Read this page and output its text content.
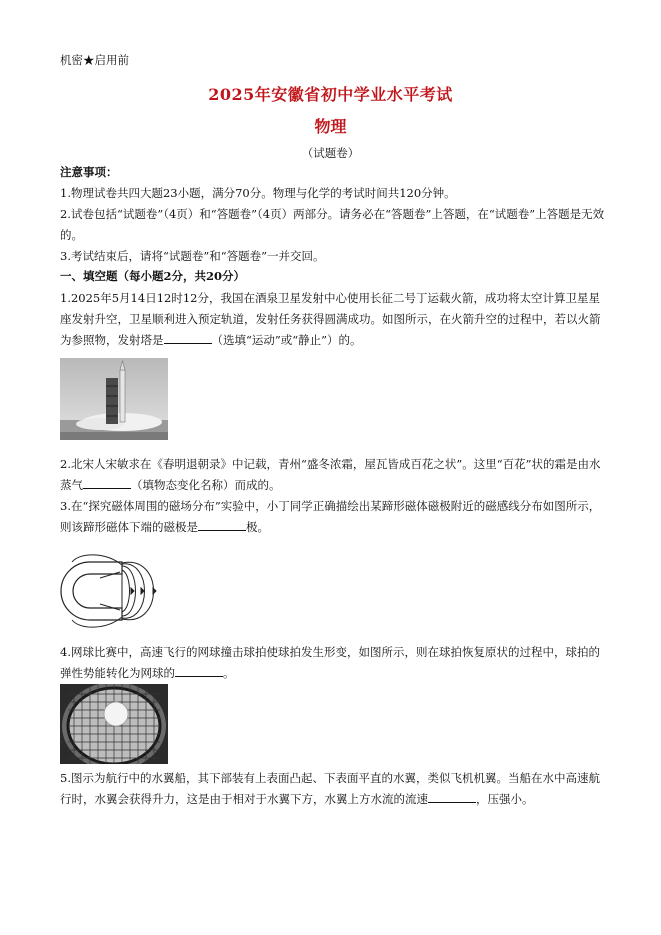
机密★启用前
2025年安徽省初中学业水平考试
物理
（试题卷）
注意事项：
1.物理试卷共四大题23小题，满分70分。物理与化学的考试时间共120分钟。
2.试卷包括“试题卷”（4页）和“答题卷”（4页）两部分。请务必在“答题卷”上答题，在“试题卷”上答题是无效的。
3.考试结束后，请将“试题卷”和“答题卷”一并交回。
一、填空题（每小题2分，共20分）
1.2025年5月14日12时12分，我国在酒泉卫星发射中心使用长征二号丁运载火箭，成功将太空计算卫星星座发射升空，卫星顺利进入预定轨道，发射任务获得圆满成功。如图所示，在火箭升空的过程中，若以火箭为参照物，发射塔是	（选填“运动”或“静止”）的。
2.北宋人宋敏求在《春明退朝录》中记载，青州“盛冬浓霜，屋瓦皆成百花之状”。这里“百花”状的霜是由水蒸气	（填物态变化名称）而成的。
3.在“探究磁体周围的磁场分布”实验中，小丁同学正确描绘出某蹄形磁体磁极附近的磁感线分布如图所示，则该蹄形磁体下端的磁极是	极。
4.网球比赛中，高速飞行的网球撞击球拍使球拍发生形变，如图所示，则在球拍恢复原状的过程中，球拍的弹性势能转化为网球的	。
5.图示为航行中的水翼船，其下部装有上表面凸起、下表面平直的水翼，类似飞机机翼。当船在水中高速航行时，水翼会获得升力，这是由于相对于水翼下方，水翼上方水流的流速	，压强小。
